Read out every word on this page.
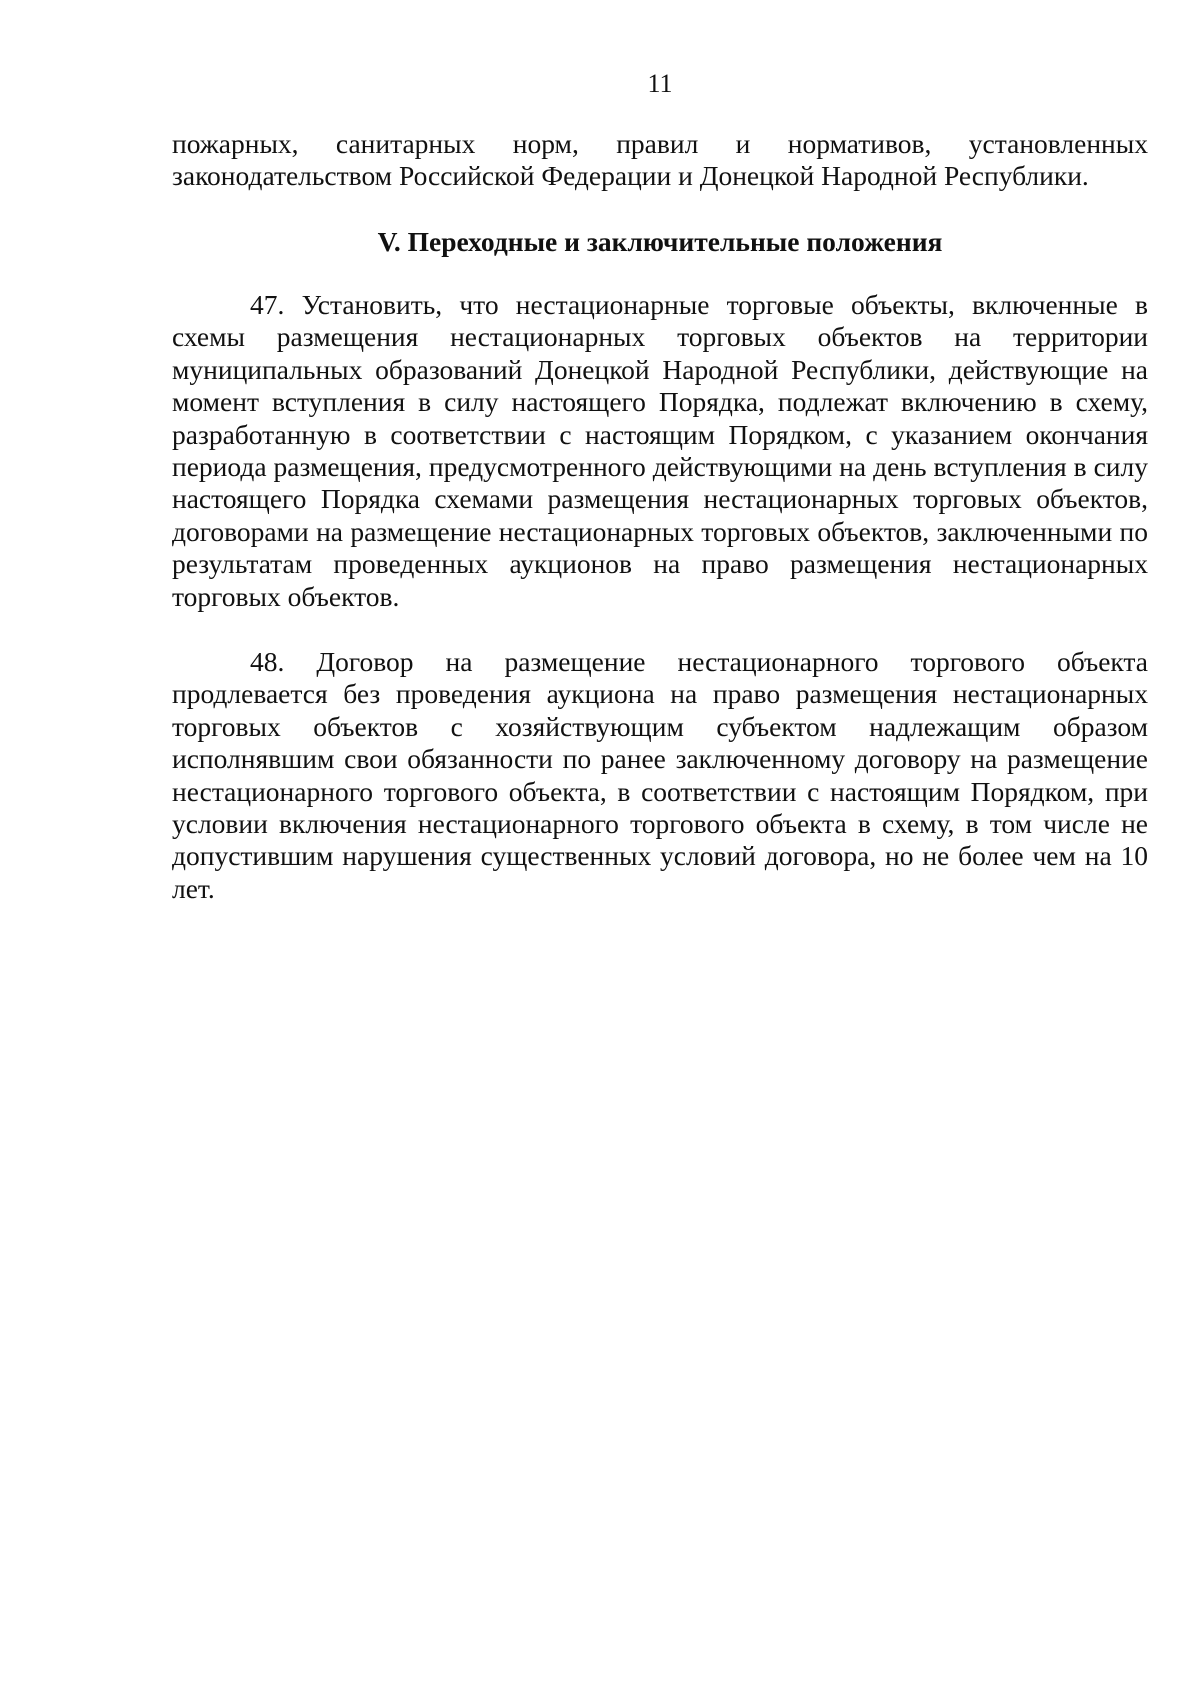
11
пожарных, санитарных норм, правил и нормативов, установленных законодательством Российской Федерации и Донецкой Народной Республики.
V. Переходные и заключительные положения
47. Установить, что нестационарные торговые объекты, включенные в схемы размещения нестационарных торговых объектов на территории муниципальных образований Донецкой Народной Республики, действующие на момент вступления в силу настоящего Порядка, подлежат включению в схему, разработанную в соответствии с настоящим Порядком, с указанием окончания периода размещения, предусмотренного действующими на день вступления в силу настоящего Порядка схемами размещения нестационарных торговых объектов, договорами на размещение нестационарных торговых объектов, заключенными по результатам проведенных аукционов на право размещения нестационарных торговых объектов.
48. Договор на размещение нестационарного торгового объекта продлевается без проведения аукциона на право размещения нестационарных торговых объектов с хозяйствующим субъектом надлежащим образом исполнявшим свои обязанности по ранее заключенному договору на размещение нестационарного торгового объекта, в соответствии с настоящим Порядком, при условии включения нестационарного торгового объекта в схему, в том числе не допустившим нарушения существенных условий договора, но не более чем на 10 лет.
